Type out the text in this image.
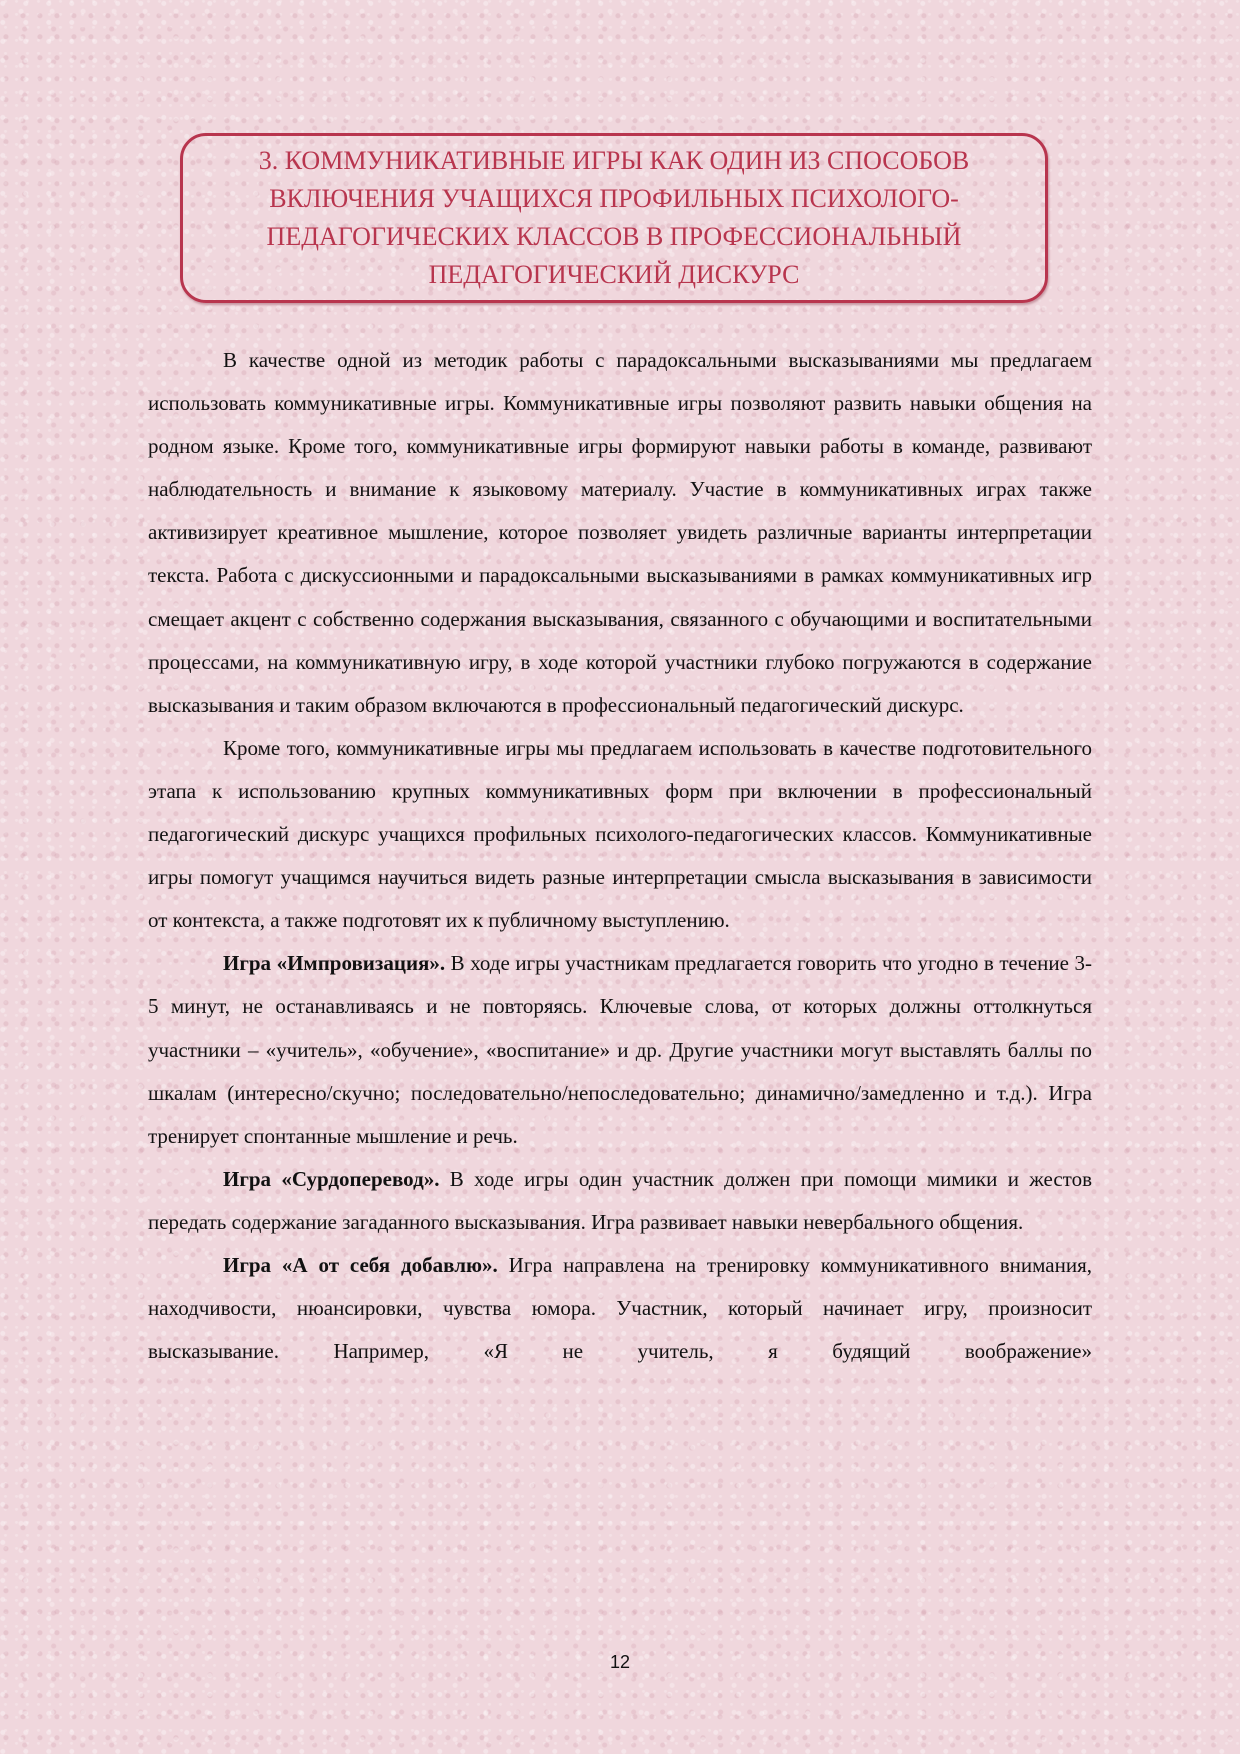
3. КОММУНИКАТИВНЫЕ ИГРЫ КАК ОДИН ИЗ СПОСОБОВ ВКЛЮЧЕНИЯ УЧАЩИХСЯ ПРОФИЛЬНЫХ ПСИХОЛОГО-ПЕДАГОГИЧЕСКИХ КЛАССОВ В ПРОФЕССИОНАЛЬНЫЙ ПЕДАГОГИЧЕСКИЙ ДИСКУРС

В качестве одной из методик работы с парадоксальными высказываниями мы предлагаем использовать коммуникативные игры. Коммуникативные игры позволяют развить навыки общения на родном языке. Кроме того, коммуникативные игры формируют навыки работы в команде, развивают наблюдательность и внимание к языковому материалу. Участие в коммуникативных играх также активизирует креативное мышление, которое позволяет увидеть различные варианты интерпретации текста. Работа с дискуссионными и парадоксальными высказываниями в рамках коммуникативных игр смещает акцент с собственно содержания высказывания, связанного с обучающими и воспитательными процессами, на коммуникативную игру, в ходе которой участники глубоко погружаются в содержание высказывания и таким образом включаются в профессиональный педагогический дискурс.

Кроме того, коммуникативные игры мы предлагаем использовать в качестве подготовительного этапа к использованию крупных коммуникативных форм при включении в профессиональный педагогический дискурс учащихся профильных психолого-педагогических классов. Коммуникативные игры помогут учащимся научиться видеть разные интерпретации смысла высказывания в зависимости от контекста, а также подготовят их к публичному выступлению.

Игра «Импровизация». В ходе игры участникам предлагается говорить что угодно в течение 3-5 минут, не останавливаясь и не повторяясь. Ключевые слова, от которых должны оттолкнуться участники – «учитель», «обучение», «воспитание» и др. Другие участники могут выставлять баллы по шкалам (интересно/скучно; последовательно/непоследовательно; динамично/замедленно и т.д.). Игра тренирует спонтанные мышление и речь.

Игра «Сурдоперевод». В ходе игры один участник должен при помощи мимики и жестов передать содержание загаданного высказывания. Игра развивает навыки невербального общения.

Игра «А от себя добавлю». Игра направлена на тренировку коммуникативного внимания, находчивости, нюансировки, чувства юмора. Участник, который начинает игру, произносит высказывание. Например, «Я не учитель, я будящий воображение»

12
